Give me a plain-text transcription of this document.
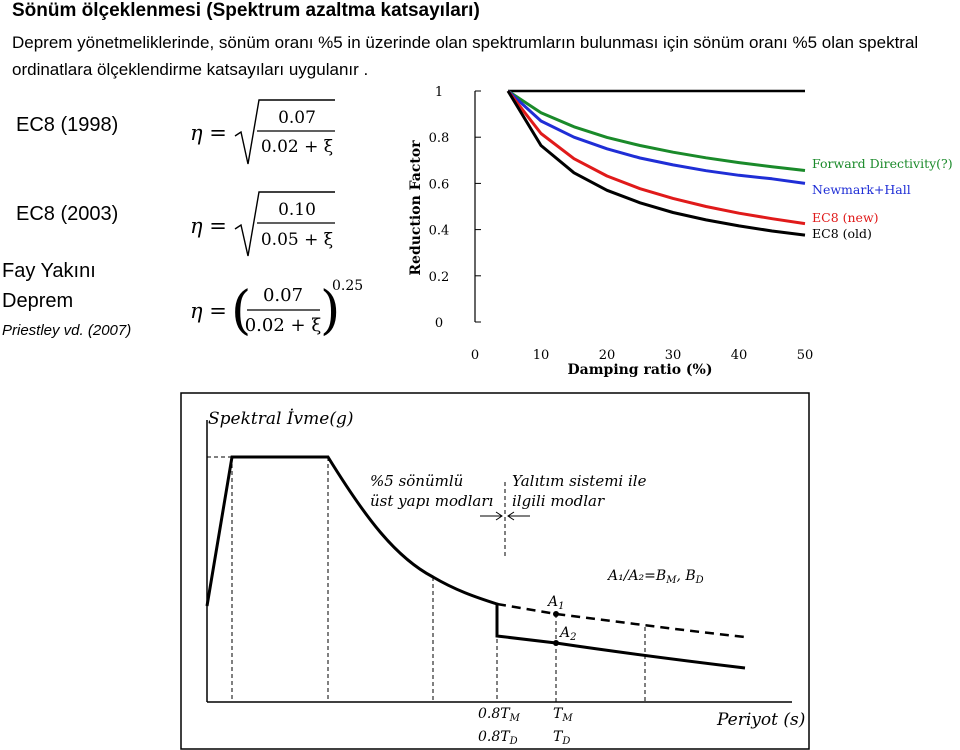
Sönüm ölçeklenmesi (Spektrum azaltma katsayıları)
Deprem yönetmeliklerinde, sönüm oranı %5 in üzerinde olan spektrumların bulunması için sönüm oranı %5 olan spektral ordinatlara ölçeklendirme katsayıları uygulanır .
EC8 (1998)
EC8 (2003)
Fay Yakını
Deprem
Priestley vd. (2007)
η =
0.07
0.02 + ξ
η =
0.10
0.05 + ξ
η = ( 0.07
0.02 + ξ
)
0.25
0
0.2
0.4
0.6
0.8
1
0	10	20	30	40	50
Damping ratio (%)
Reduction Factor	Forward Directivity(?)
Newmark+Hall
EC8 (new)
EC8 (old)
Spektral İvme(g)
Periyot (s)
$A_1$
$A_2$
%5 sönümlü
üst yapı modları
Yalıtım sistemi ile
ilgili modlar
$A_1/A_2=B_M$, $B_D$
$0.8T_M$
$0.8T_D$
$T_M$
$T_D$
